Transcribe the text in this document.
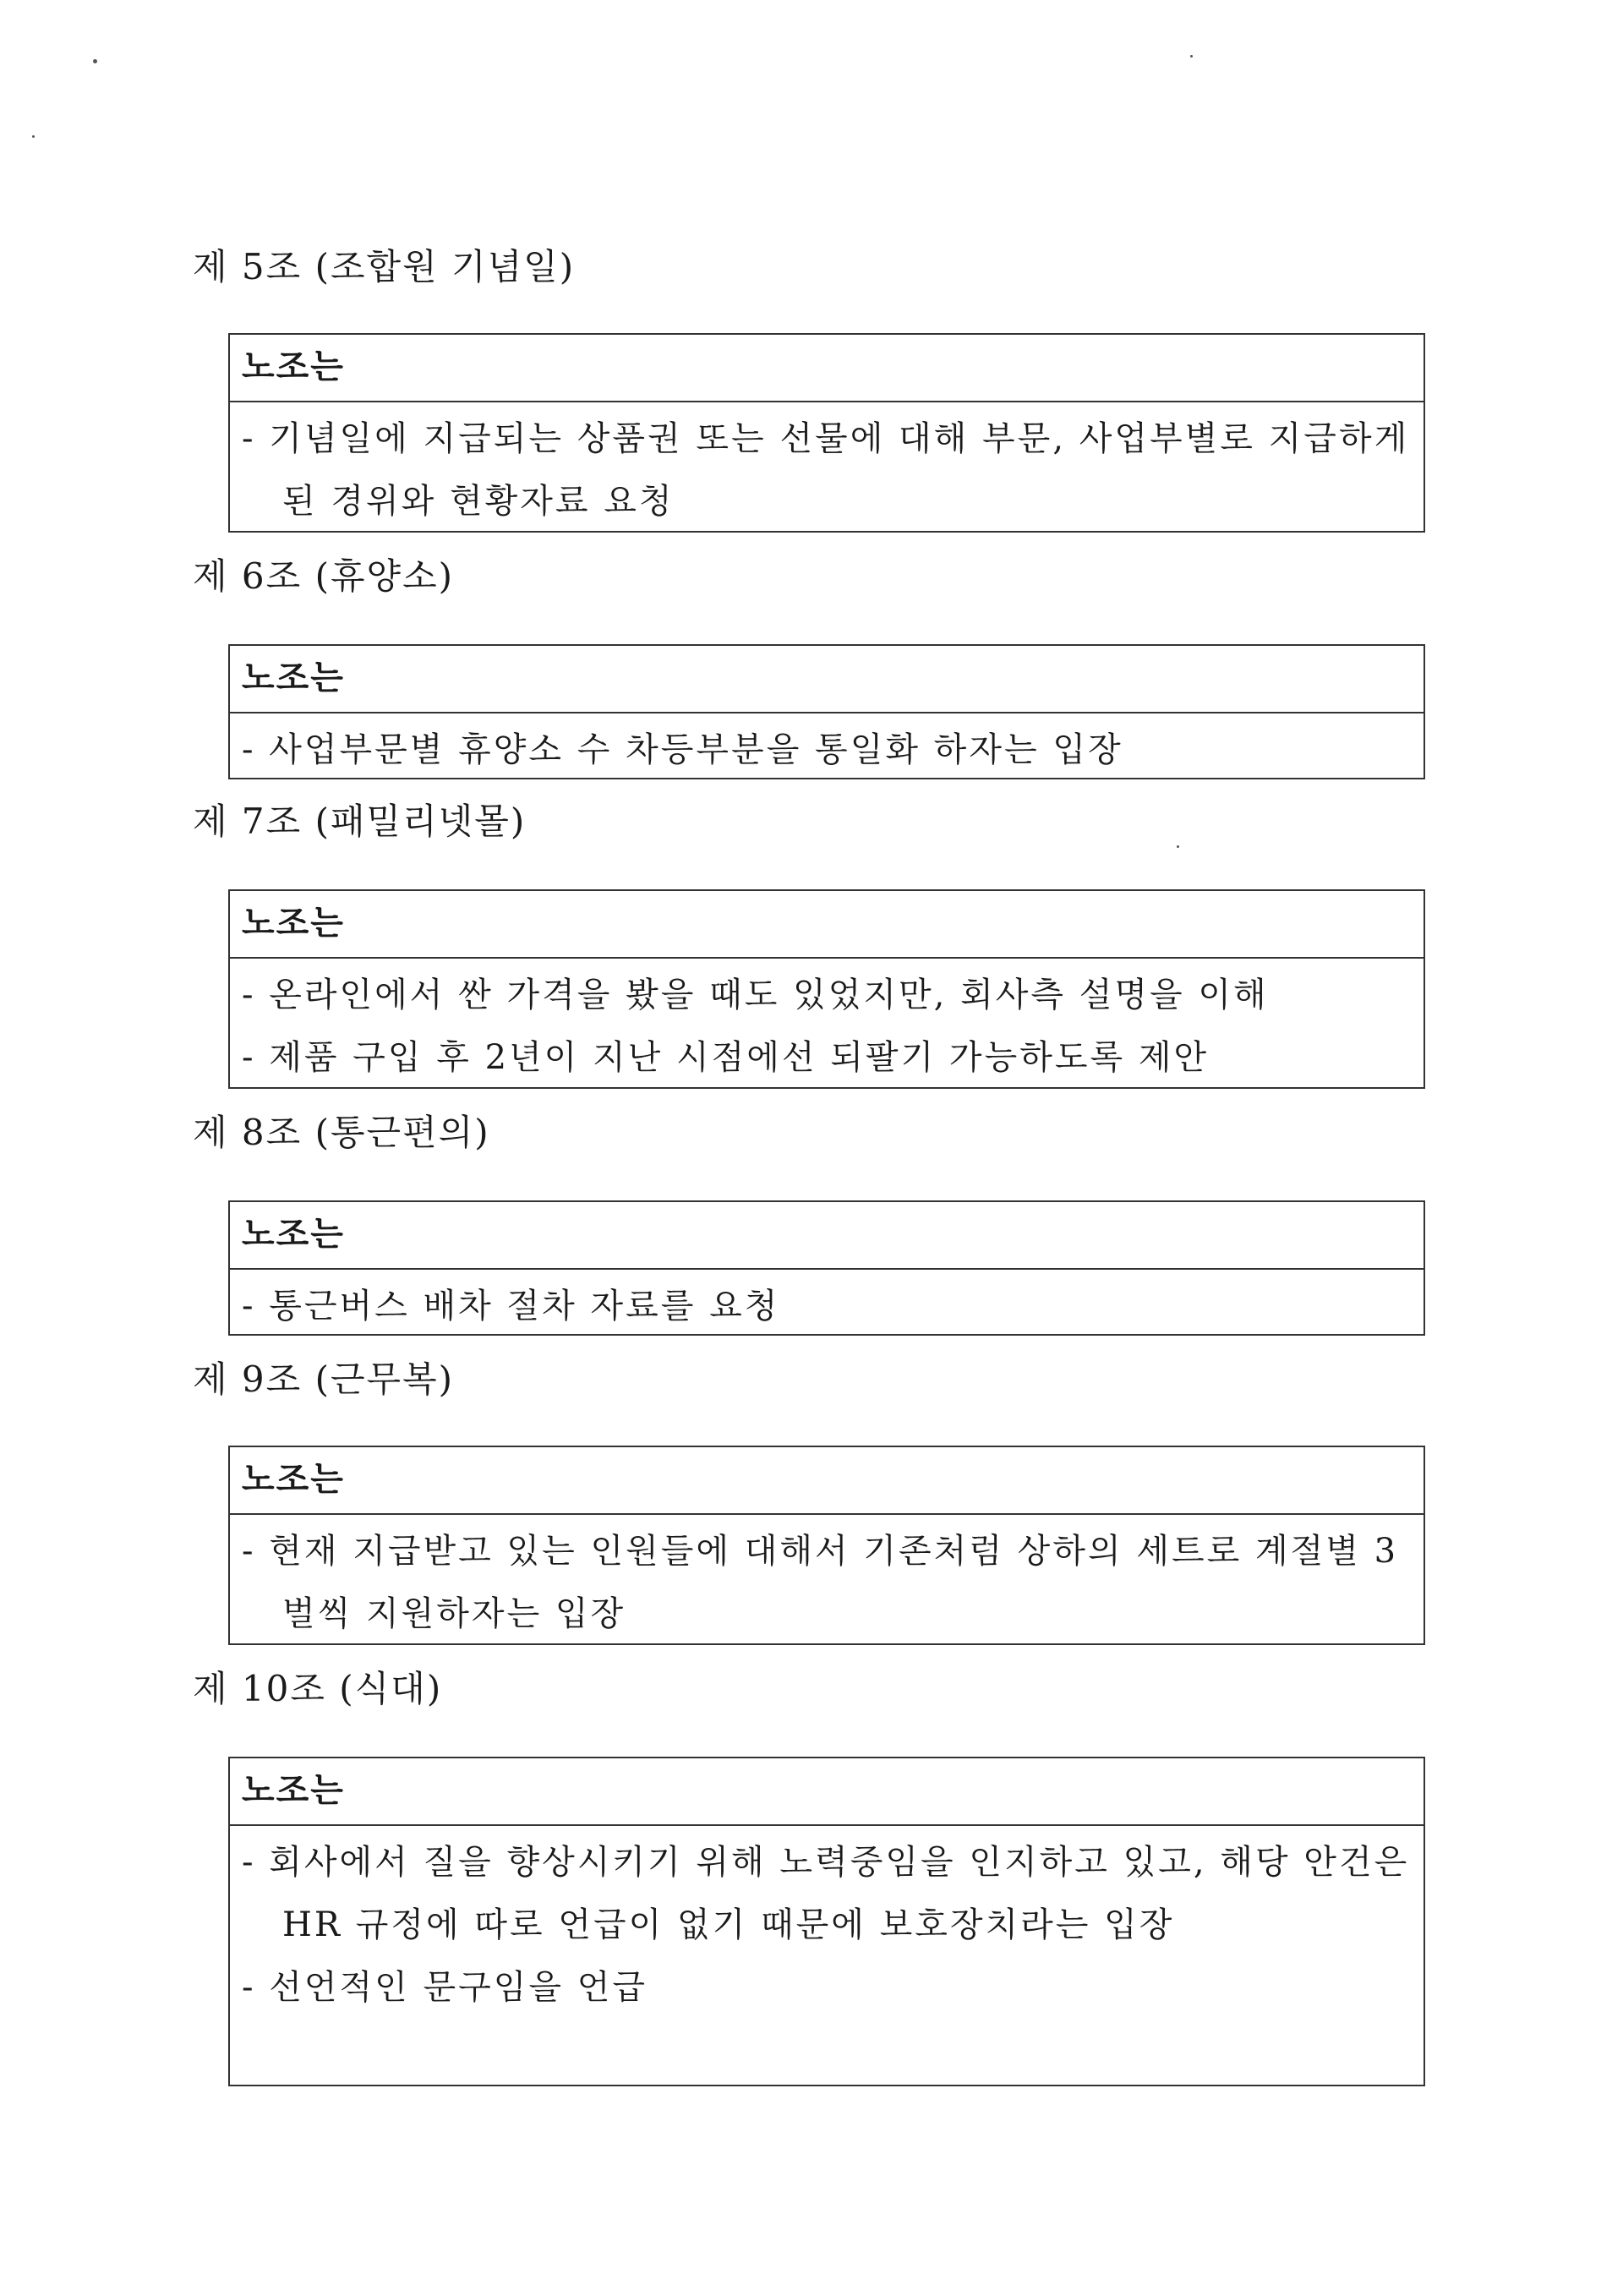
제 5조 (조합원 기념일)
노조는
- 기념일에 지급되는 상품권 또는 선물에 대해 부문, 사업부별로 지급하게 된 경위와 현황자료 요청
제 6조 (휴양소)
노조는
- 사업부문별 휴양소 수 차등부분을 통일화 하자는 입장
제 7조 (패밀리넷몰)
노조는
- 온라인에서 싼 가격을 봤을 때도 있었지만, 회사측 설명을 이해
- 제품 구입 후 2년이 지난 시점에선 되팔기 가능하도록 제안
제 8조 (통근편의)
노조는
- 통근버스 배차 절차 자료를 요청
제 9조 (근무복)
노조는
- 현재 지급받고 있는 인원들에 대해서 기존처럼 상하의 세트로 계절별 3벌씩 지원하자는 입장
제 10조 (식대)
노조는
- 회사에서 질을 향상시키기 위해 노력중임을 인지하고 있고, 해당 안건은 HR 규정에 따로 언급이 없기 때문에 보호장치라는 입장
- 선언적인 문구임을 언급
